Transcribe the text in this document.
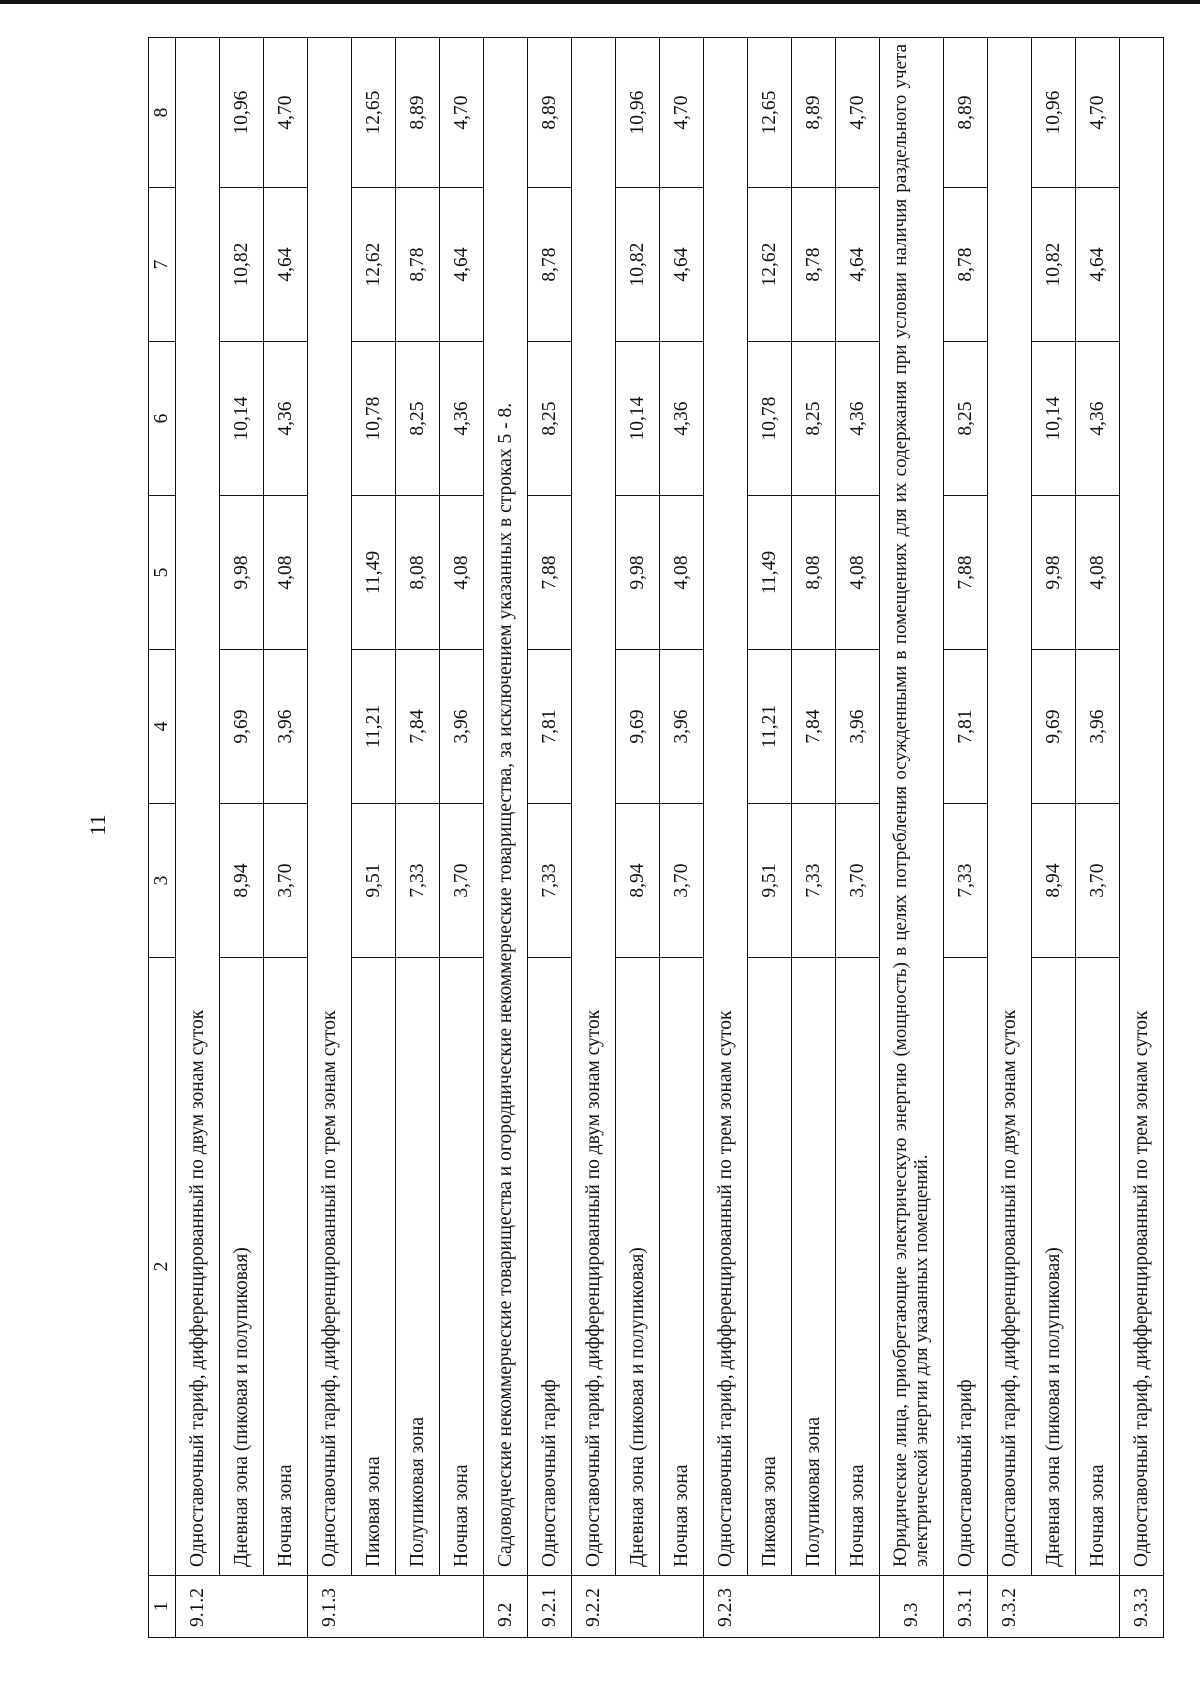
11
1	2	3	4	5	6	7	8
9.1.2	Одноставочный тариф, дифференцированный по двум зонам суток						
	Дневная зона (пиковая и полупиковая)	8,94	9,69	9,98	10,14	10,82	10,96
	Ночная зона	3,70	3,96	4,08	4,36	4,64	4,70
9.1.3	Одноставочный тариф, дифференцированный по трем зонам суток						
	Пиковая зона	9,51	11,21	11,49	10,78	12,62	12,65
	Полупиковая зона	7,33	7,84	8,08	8,25	8,78	8,89
	Ночная зона	3,70	3,96	4,08	4,36	4,64	4,70
9.2	Садоводческие некоммерческие товарищества и огороднические некоммерческие товарищества, за исключением указанных в строках 5 - 8.						
9.2.1	Одноставочный тариф	7,33	7,81	7,88	8,25	8,78	8,89
9.2.2	Одноставочный тариф, дифференцированный по двум зонам суток						
	Дневная зона (пиковая и полупиковая)	8,94	9,69	9,98	10,14	10,82	10,96
	Ночная зона	3,70	3,96	4,08	4,36	4,64	4,70
9.2.3	Одноставочный тариф, дифференцированный по трем зонам суток						
	Пиковая зона	9,51	11,21	11,49	10,78	12,62	12,65
	Полупиковая зона	7,33	7,84	8,08	8,25	8,78	8,89
	Ночная зона	3,70	3,96	4,08	4,36	4,64	4,70
9.3	Юридические лица, приобретающие электрическую энергию (мощность) в целях потребления осужденными в помещениях для их содержания при условии наличия раздельного учета электрической энергии для указанных помещений.						
9.3.1	Одноставочный тариф	7,33	7,81	7,88	8,25	8,78	8,89
9.3.2	Одноставочный тариф, дифференцированный по двум зонам суток						
	Дневная зона (пиковая и полупиковая)	8,94	9,69	9,98	10,14	10,82	10,96
	Ночная зона	3,70	3,96	4,08	4,36	4,64	4,70
9.3.3	Одноставочный тариф, дифференцированный по трем зонам суток						
